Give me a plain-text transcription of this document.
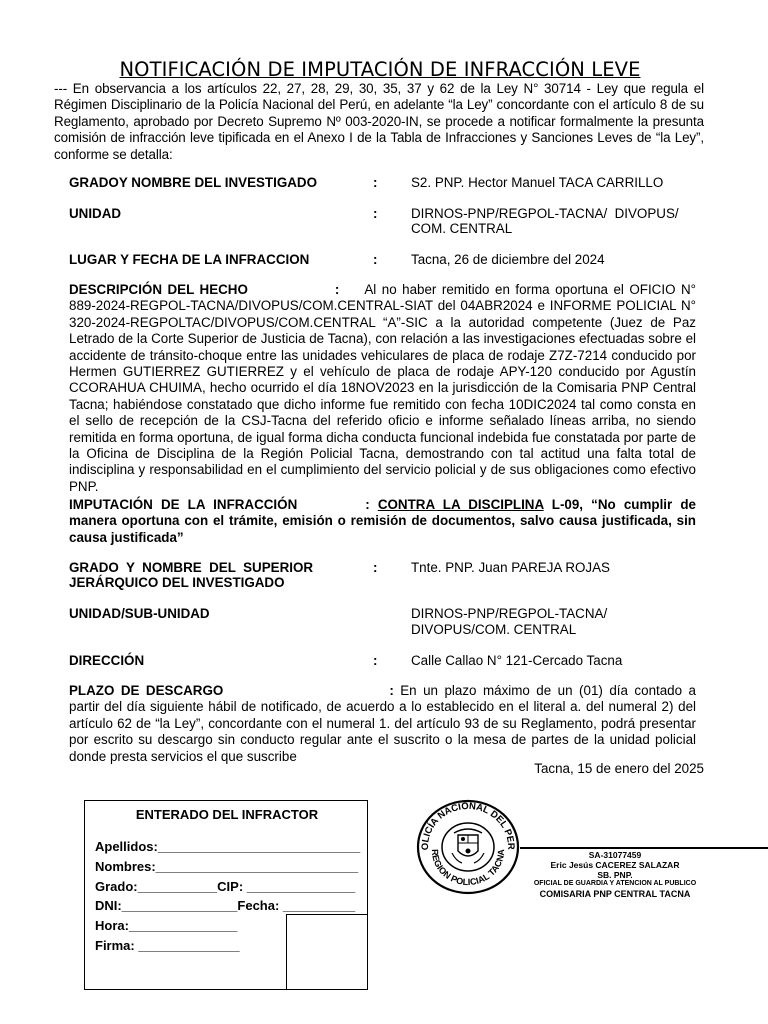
NOTIFICACIÓN DE IMPUTACIÓN DE INFRACCIÓN LEVE
--- En observancia a los artículos 22, 27, 28, 29, 30, 35, 37 y 62 de la Ley N° 30714 - Ley que regula el Régimen Disciplinario de la Policía Nacional del Perú, en adelante “la Ley” concordante con el artículo 8 de su Reglamento, aprobado por Decreto Supremo Nº 003-2020-IN, se procede a notificar formalmente la presunta comisión de infracción leve tipificada en el Anexo I de la Tabla de Infracciones y Sanciones Leves de “la Ley”, conforme se detalla:
GRADOY NOMBRE DEL INVESTIGADO	:	S2. PNP. Hector Manuel TACA CARRILLO
UNIDAD	:	DIRNOS-PNP/REGPOL-TACNA/  DIVOPUS/
COM. CENTRAL
LUGAR Y FECHA DE LA INFRACCION	:	Tacna, 26 de diciembre del 2024
DESCRIPCIÓN DEL HECHO	: Al no haber remitido en forma oportuna el OFICIO N° 889-2024-REGPOL-TACNA/DIVOPUS/COM.CENTRAL-SIAT del 04ABR2024 e INFORME POLICIAL N° 320-2024-REGPOLTAC/DIVOPUS/COM.CENTRAL “A”-SIC a la autoridad competente (Juez de Paz Letrado de la Corte Superior de Justicia de Tacna), con relación a las investigaciones efectuadas sobre el accidente de tránsito-choque entre las unidades vehiculares de placa de rodaje Z7Z-7214 conducido por Hermen GUTIERREZ GUTIERREZ y el vehículo de placa de rodaje APY-120 conducido por Agustín CCORAHUA CHUIMA, hecho ocurrido el día 18NOV2023 en la jurisdicción de la Comisaria PNP Central Tacna; habiéndose constatado que dicho informe fue remitido con fecha 10DIC2024 tal como consta en el sello de recepción de la CSJ-Tacna del referido oficio e informe señalado líneas arriba, no siendo remitida en forma oportuna, de igual forma dicha conducta funcional indebida fue constatada por parte de la Oficina de Disciplina de la Región Policial Tacna, demostrando con tal actitud una falta total de indisciplina y responsabilidad en el cumplimiento del servicio policial y de sus obligaciones como efectivo PNP.
IMPUTACIÓN DE LA INFRACCIÓN	: CONTRA LA DISCIPLINA L-09, “No cumplir de manera oportuna con el trámite, emisión o remisión de documentos, salvo causa justificada, sin causa justificada”
GRADO  Y  NOMBRE  DEL  SUPERIOR
JERÁRQUICO DEL INVESTIGADO
:	Tnte. PNP. Juan PAREJA ROJAS
UNIDAD/SUB-UNIDAD	DIRNOS-PNP/REGPOL-TACNA/
DIVOPUS/COM. CENTRAL
DIRECCIÓN	:	Calle Callao N° 121-Cercado Tacna
PLAZO DE DESCARGO	: En un plazo máximo de un (01) día contado a partir del día siguiente hábil de notificado, de acuerdo a lo establecido en el literal a. del numeral 2) del artículo 62 de “la Ley”, concordante con el numeral 1. del artículo 93 de su Reglamento, podrá presentar por escrito su descargo sin conducto regular ante el suscrito o la mesa de partes de la unidad policial donde presta servicios el que suscribe
Tacna, 15 de enero del 2025
ENTERADO DEL INFRACTOR
Apellidos:____________________________
Nombres:____________________________
Grado:___________CIP: _______________
DNI:________________Fecha: __________
Hora:_______________
Firma: ______________
OLICÍA NACIONAL DEL PER
REGION POLICIAL TACNA	SA-31077459
Eric Jesús CACEREZ SALAZAR
SB. PNP.
OFICIAL DE GUARDIA Y ATENCION AL PUBLICO
COMISARIA PNP CENTRAL TACNA
